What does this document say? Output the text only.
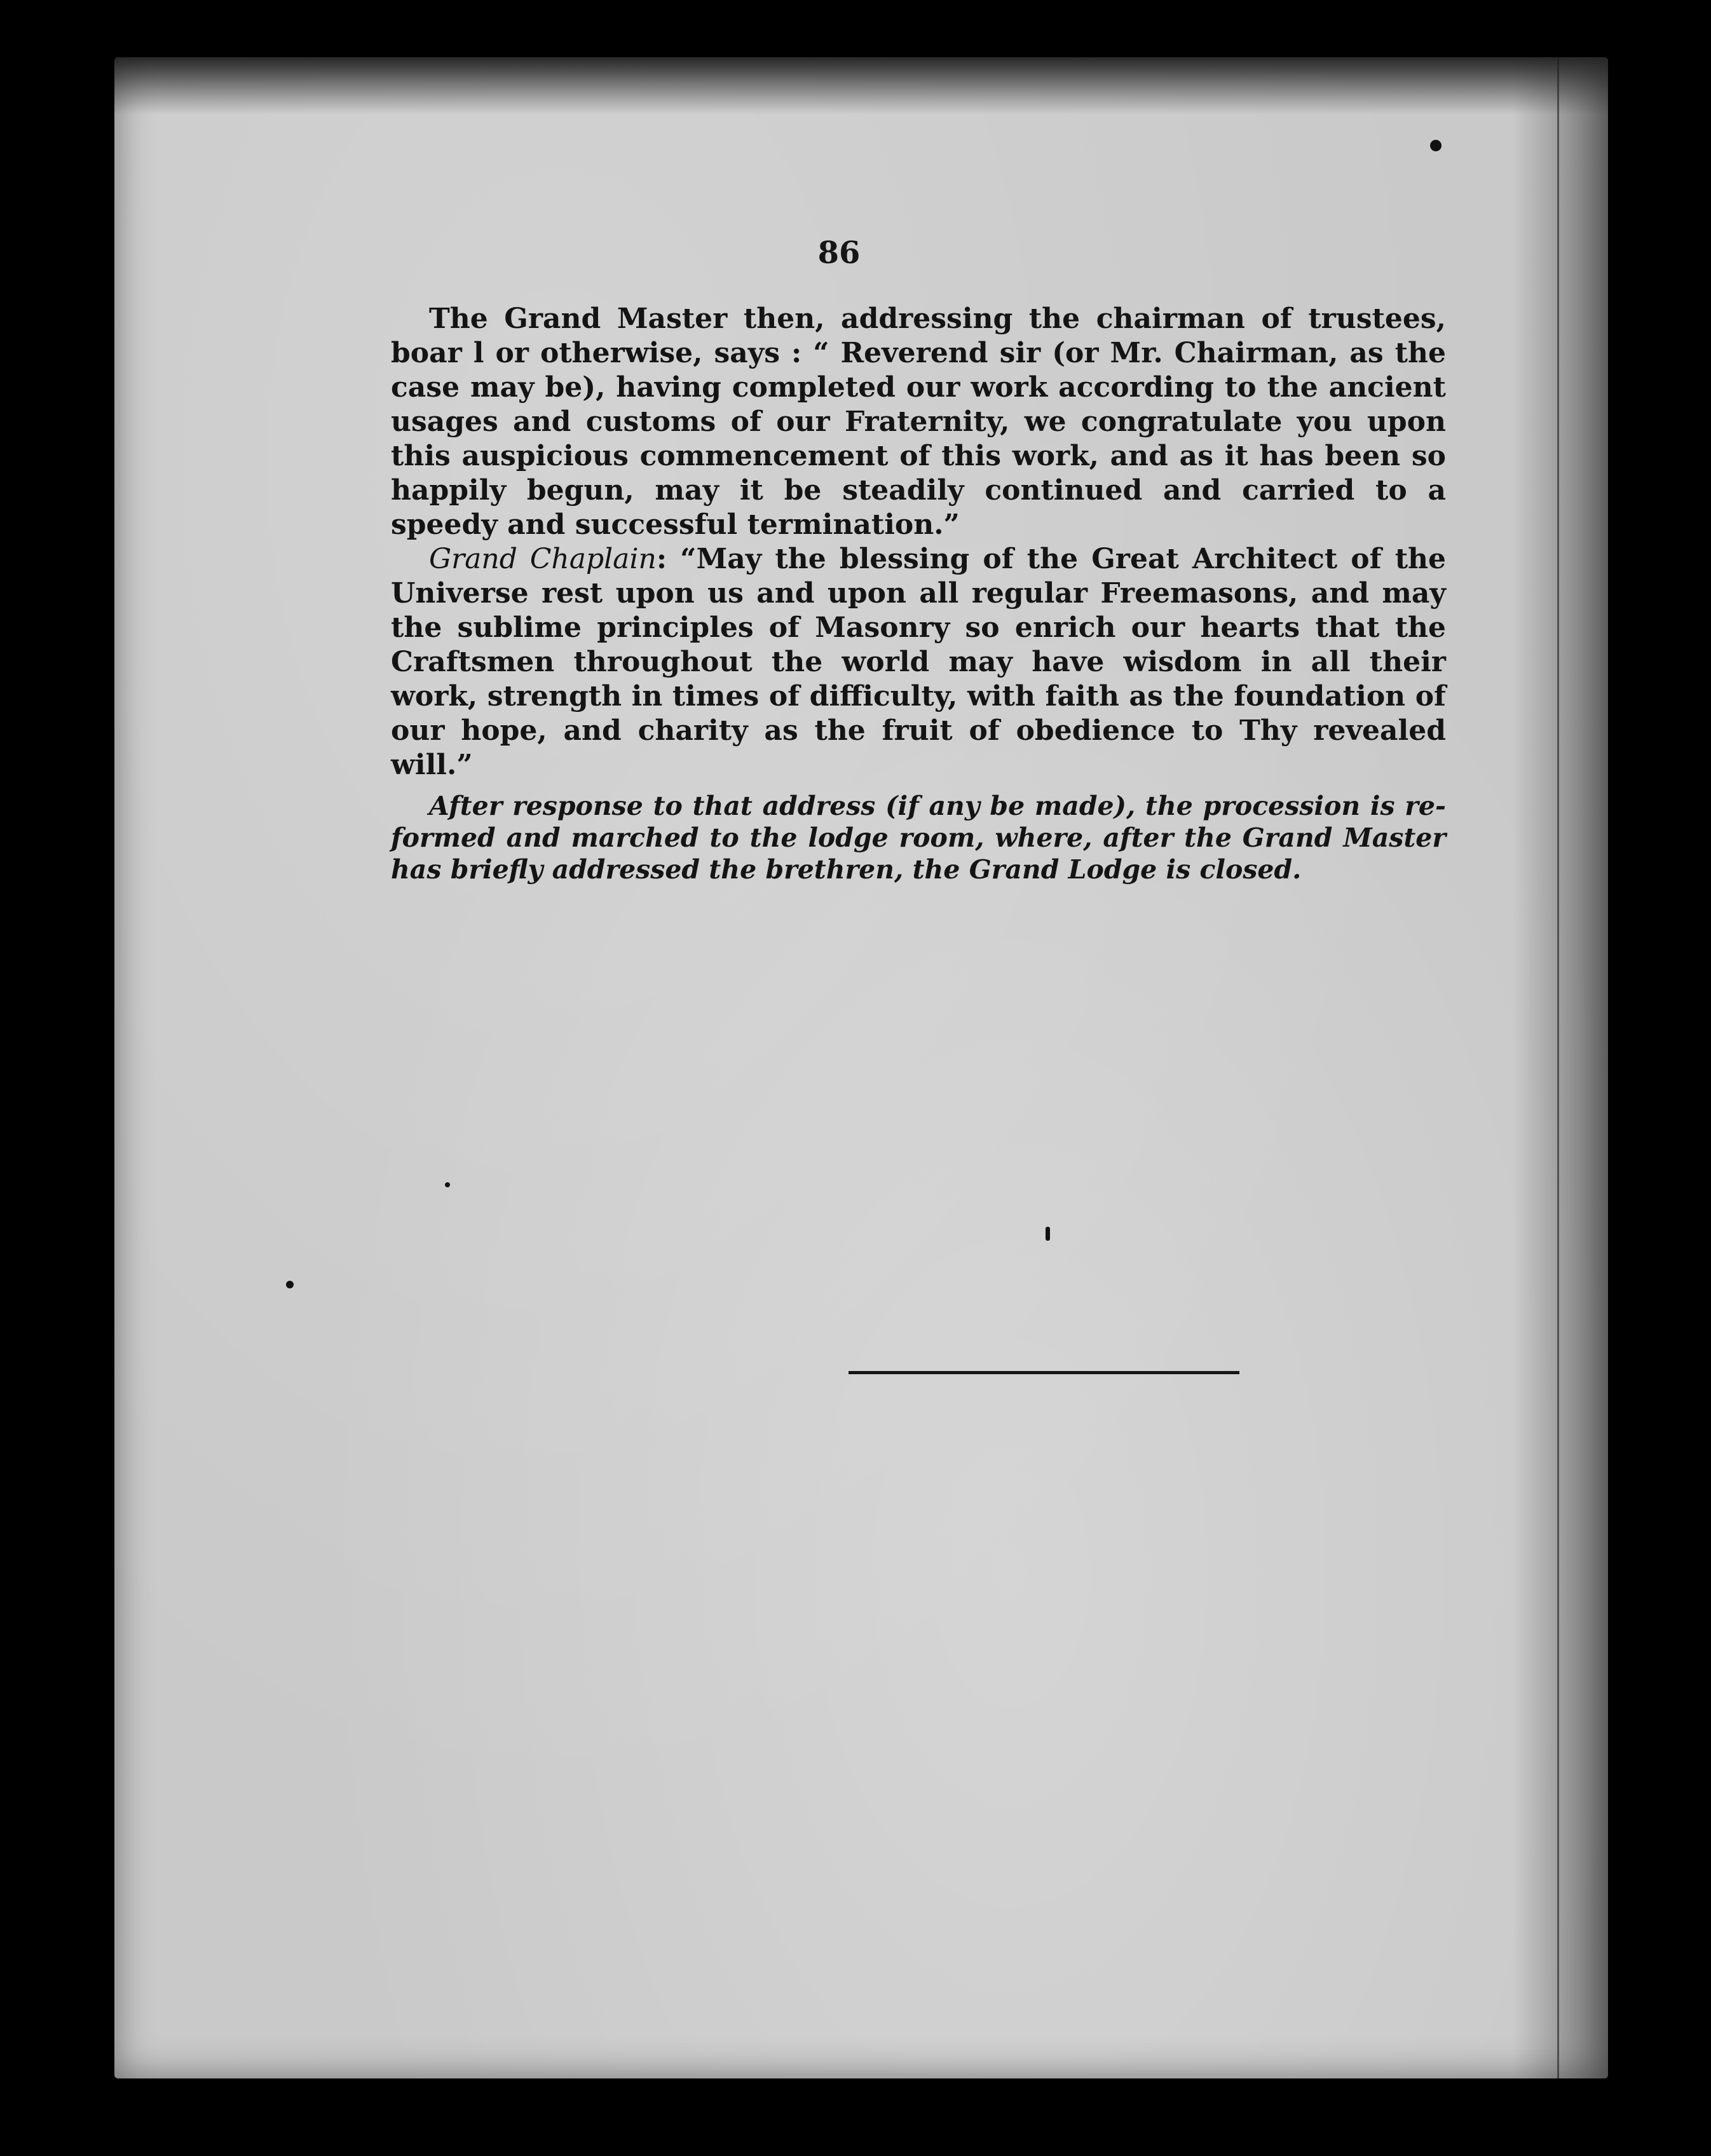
86

The Grand Master then, addressing the chairman of trustees, boar l or otherwise, says : “ Reverend sir (or Mr. Chairman, as the case may be), having completed our work according to the ancient usages and customs of our Fraternity, we congratulate you upon this auspicious commencement of this work, and as it has been so happily begun, may it be steadily continued and carried to a speedy and successful termination.”

Grand Chaplain: “May the blessing of the Great Architect of the Universe rest upon us and upon all regular Freemasons, and may the sublime principles of Masonry so enrich our hearts that the Craftsmen throughout the world may have wisdom in all their work, strength in times of difficulty, with faith as the foundation of our hope, and charity as the fruit of obedience to Thy revealed will.”

After response to that address (if any be made), the procession is re-formed and marched to the lodge room, where, after the Grand Master has briefly addressed the brethren, the Grand Lodge is closed.
